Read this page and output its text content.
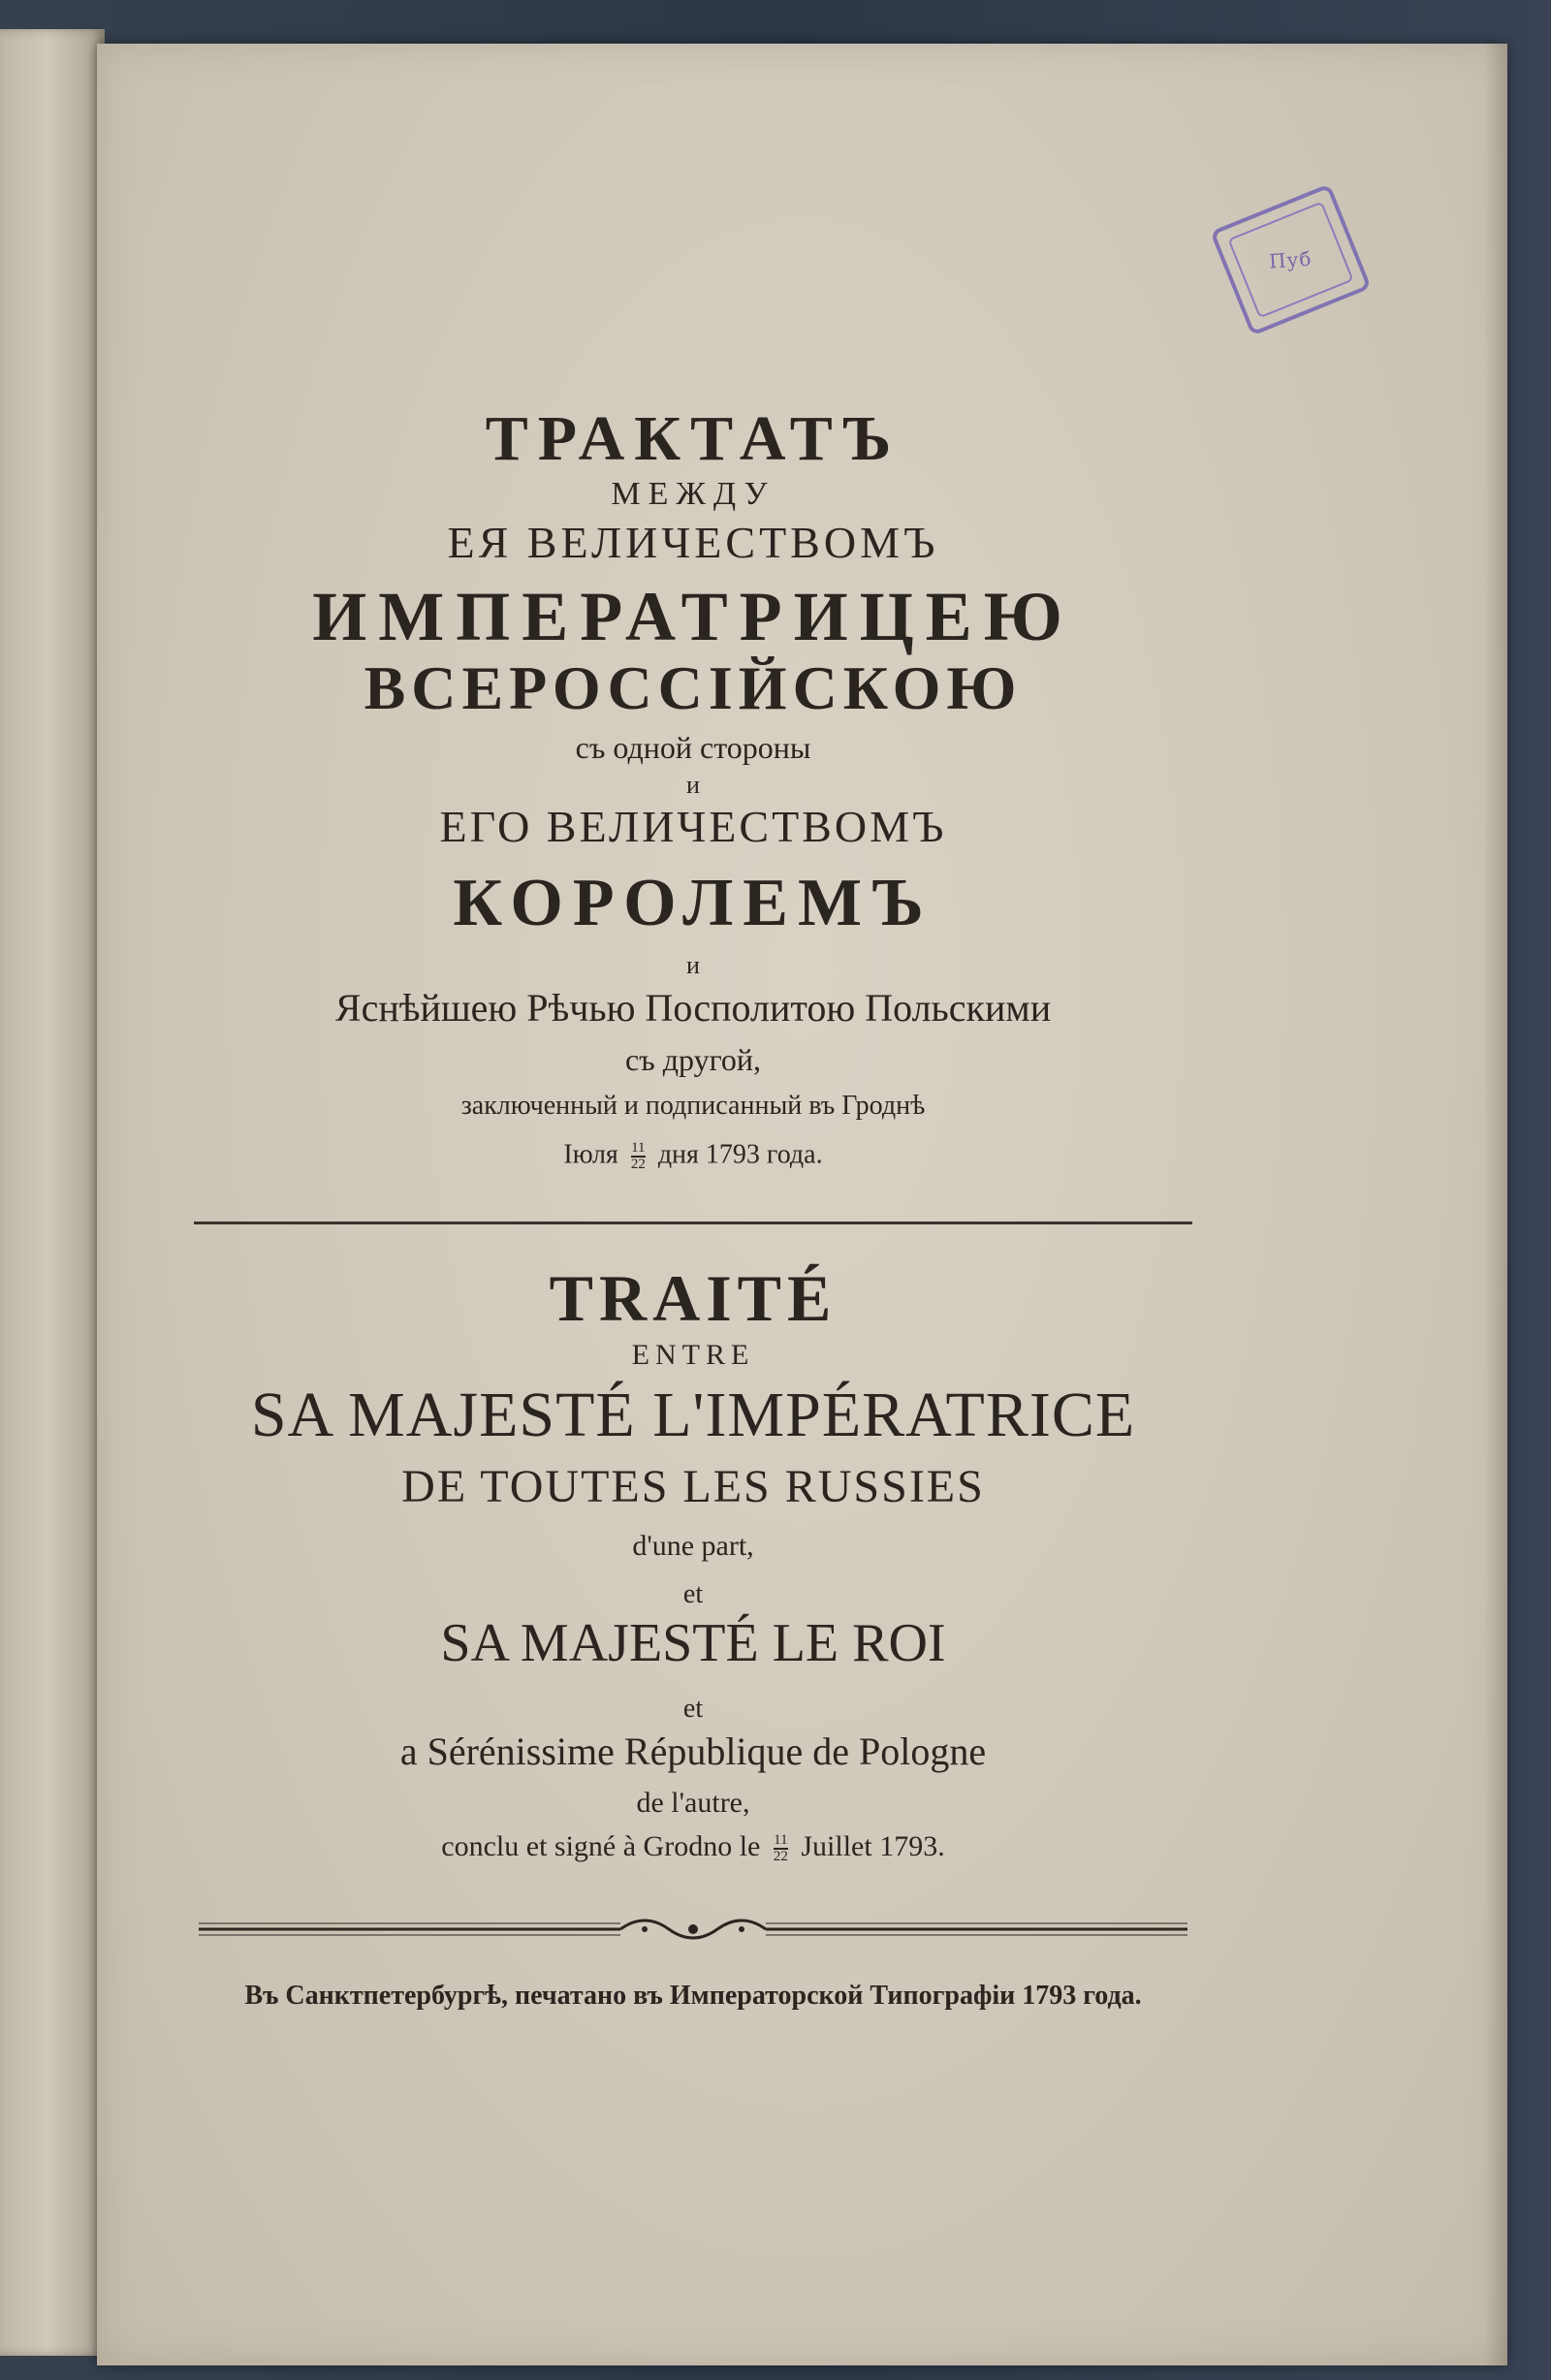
Пуб
ТРАКТАТЪ
МЕЖДУ
ЕЯ ВЕЛИЧЕСТВОМЪ
ИМПЕРАТРИЦЕЮ
ВСЕРОССІЙСКОЮ
съ одной стороны
и
ЕГО ВЕЛИЧЕСТВОМЪ
КОРОЛЕМЪ
и
Яснѣйшею Рѣчью Посполитою Польскими
съ другой,
заключенный и подписанный въ Гроднѣ
Іюля $\frac{11}{22}$ дня 1793 года.
TRAITÉ
ENTRE
SA MAJESTÉ L'IMPÉRATRICE
DE TOUTES LES RUSSIES
d'une part,
et
SA MAJESTÉ LE ROI
et
a Sérénissime République de Pologne
de l'autre,
conclu et signé à Grodno le $\frac{11}{22}$ Juillet 1793.
Въ Санктпетербургѣ, печатано въ Императорской Типографіи 1793 года.
